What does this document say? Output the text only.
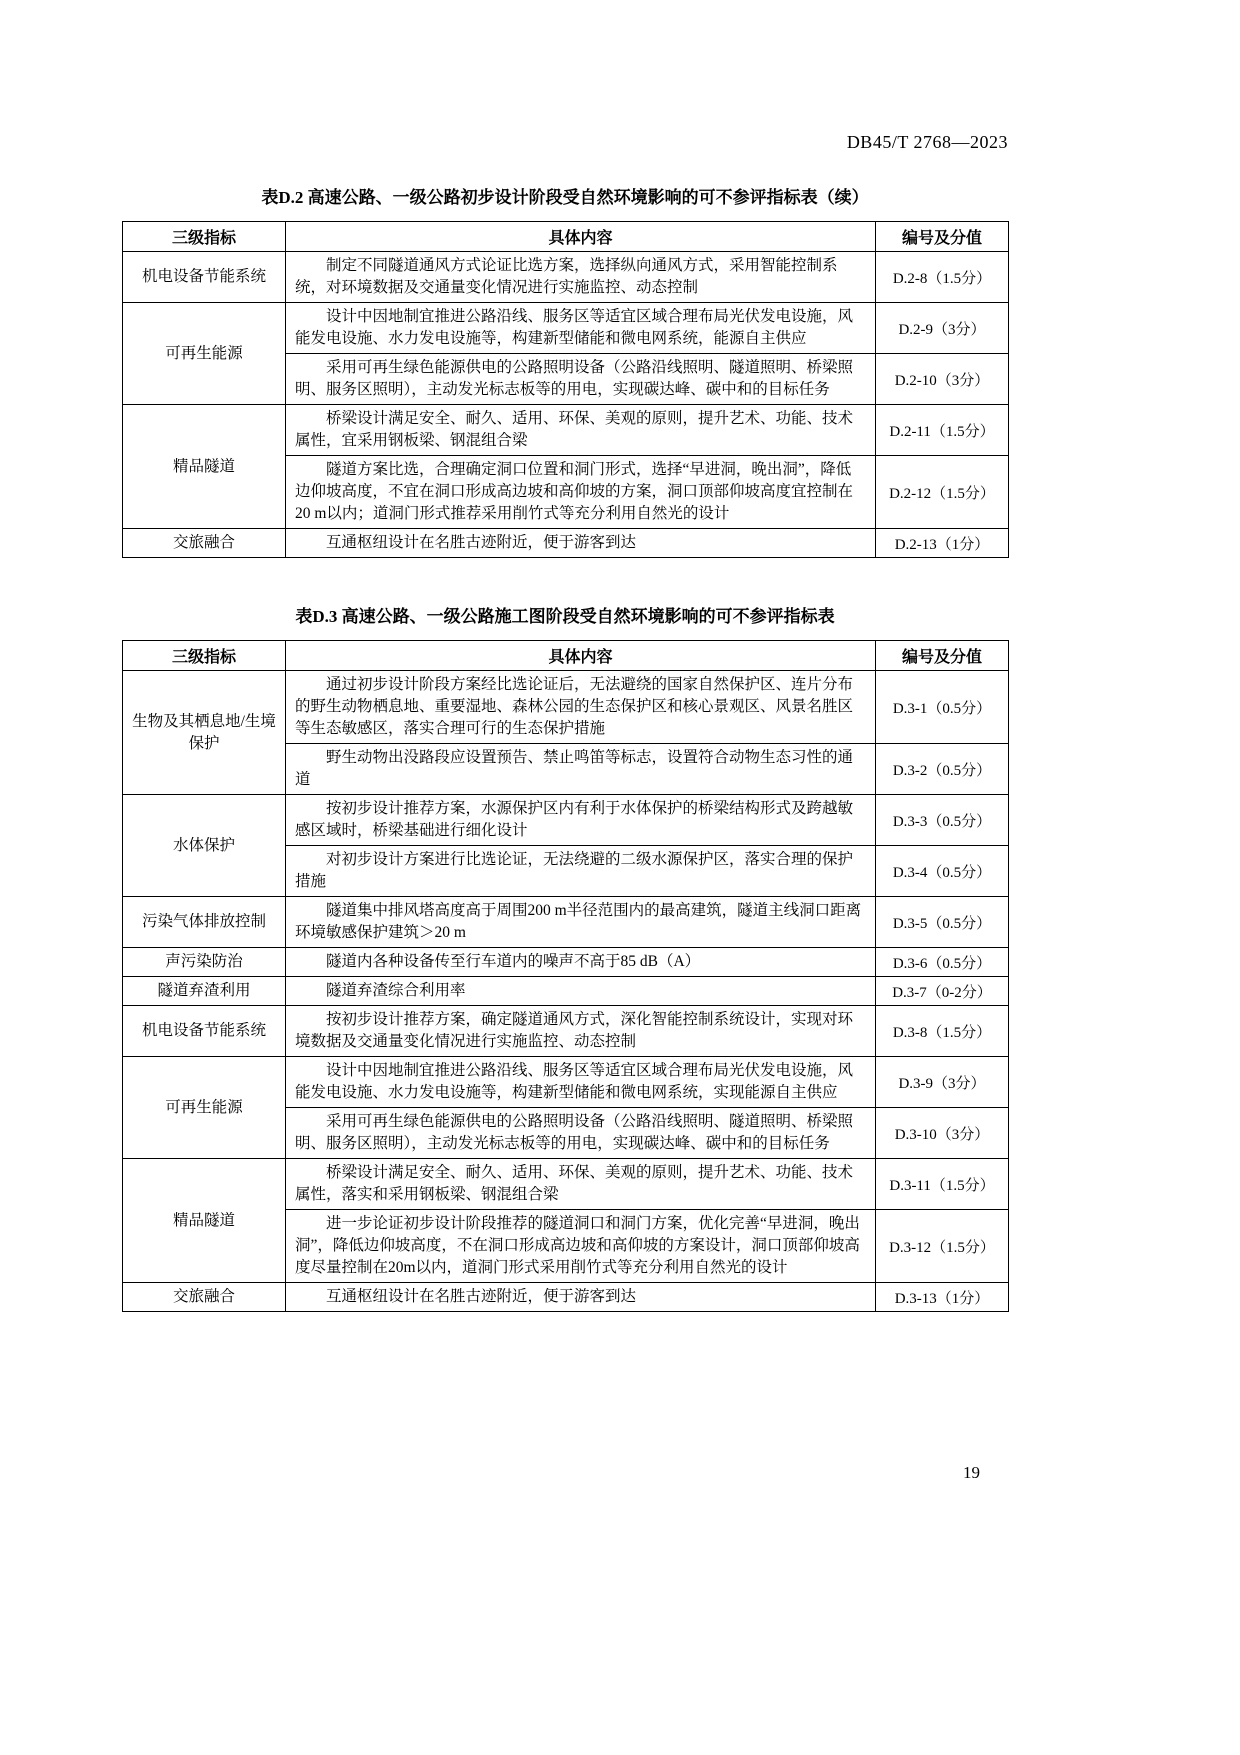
DB45/T 2768—2023
表D.2 高速公路、一级公路初步设计阶段受自然环境影响的可不参评指标表（续）
三级指标	具体内容	编号及分值
机电设备节能系统	制定不同隧道通风方式论证比选方案，选择纵向通风方式，采用智能控制系统，对环境数据及交通量变化情况进行实施监控、动态控制	D.2-8（1.5分）
可再生能源	设计中因地制宜推进公路沿线、服务区等适宜区域合理布局光伏发电设施，风能发电设施、水力发电设施等，构建新型储能和微电网系统，能源自主供应	D.2-9（3分）
	采用可再生绿色能源供电的公路照明设备（公路沿线照明、隧道照明、桥梁照明、服务区照明），主动发光标志板等的用电，实现碳达峰、碳中和的目标任务	D.2-10（3分）
精品隧道	桥梁设计满足安全、耐久、适用、环保、美观的原则，提升艺术、功能、技术属性，宜采用钢板梁、钢混组合梁	D.2-11（1.5分）
	隧道方案比选，合理确定洞口位置和洞门形式，选择“早进洞，晚出洞”，降低边仰坡高度，不宜在洞口形成高边坡和高仰坡的方案，洞口顶部仰坡高度宜控制在20 m以内；道洞门形式推荐采用削竹式等充分利用自然光的设计	D.2-12（1.5分）
交旅融合	互通枢纽设计在名胜古迹附近，便于游客到达	D.2-13（1分）
表D.3 高速公路、一级公路施工图阶段受自然环境影响的可不参评指标表
三级指标	具体内容	编号及分值
生物及其栖息地/生境保护	通过初步设计阶段方案经比选论证后，无法避绕的国家自然保护区、连片分布的野生动物栖息地、重要湿地、森林公园的生态保护区和核心景观区、风景名胜区等生态敏感区，落实合理可行的生态保护措施	D.3-1（0.5分）
	野生动物出没路段应设置预告、禁止鸣笛等标志，设置符合动物生态习性的通道	D.3-2（0.5分）
水体保护	按初步设计推荐方案，水源保护区内有利于水体保护的桥梁结构形式及跨越敏感区域时，桥梁基础进行细化设计	D.3-3（0.5分）
	对初步设计方案进行比选论证，无法绕避的二级水源保护区，落实合理的保护措施	D.3-4（0.5分）
污染气体排放控制	隧道集中排风塔高度高于周围200 m半径范围内的最高建筑，隧道主线洞口距离环境敏感保护建筑＞20 m	D.3-5（0.5分）
声污染防治	隧道内各种设备传至行车道内的噪声不高于85 dB（A）	D.3-6（0.5分）
隧道弃渣利用	隧道弃渣综合利用率	D.3-7（0-2分）
机电设备节能系统	按初步设计推荐方案，确定隧道通风方式，深化智能控制系统设计，实现对环境数据及交通量变化情况进行实施监控、动态控制	D.3-8（1.5分）
可再生能源	设计中因地制宜推进公路沿线、服务区等适宜区域合理布局光伏发电设施，风能发电设施、水力发电设施等，构建新型储能和微电网系统，实现能源自主供应	D.3-9（3分）
	采用可再生绿色能源供电的公路照明设备（公路沿线照明、隧道照明、桥梁照明、服务区照明），主动发光标志板等的用电，实现碳达峰、碳中和的目标任务	D.3-10（3分）
精品隧道	桥梁设计满足安全、耐久、适用、环保、美观的原则，提升艺术、功能、技术属性，落实和采用钢板梁、钢混组合梁	D.3-11（1.5分）
	进一步论证初步设计阶段推荐的隧道洞口和洞门方案，优化完善“早进洞，晚出洞”，降低边仰坡高度，不在洞口形成高边坡和高仰坡的方案设计，洞口顶部仰坡高度尽量控制在20m以内，道洞门形式采用削竹式等充分利用自然光的设计	D.3-12（1.5分）
交旅融合	互通枢纽设计在名胜古迹附近，便于游客到达	D.3-13（1分）
19
